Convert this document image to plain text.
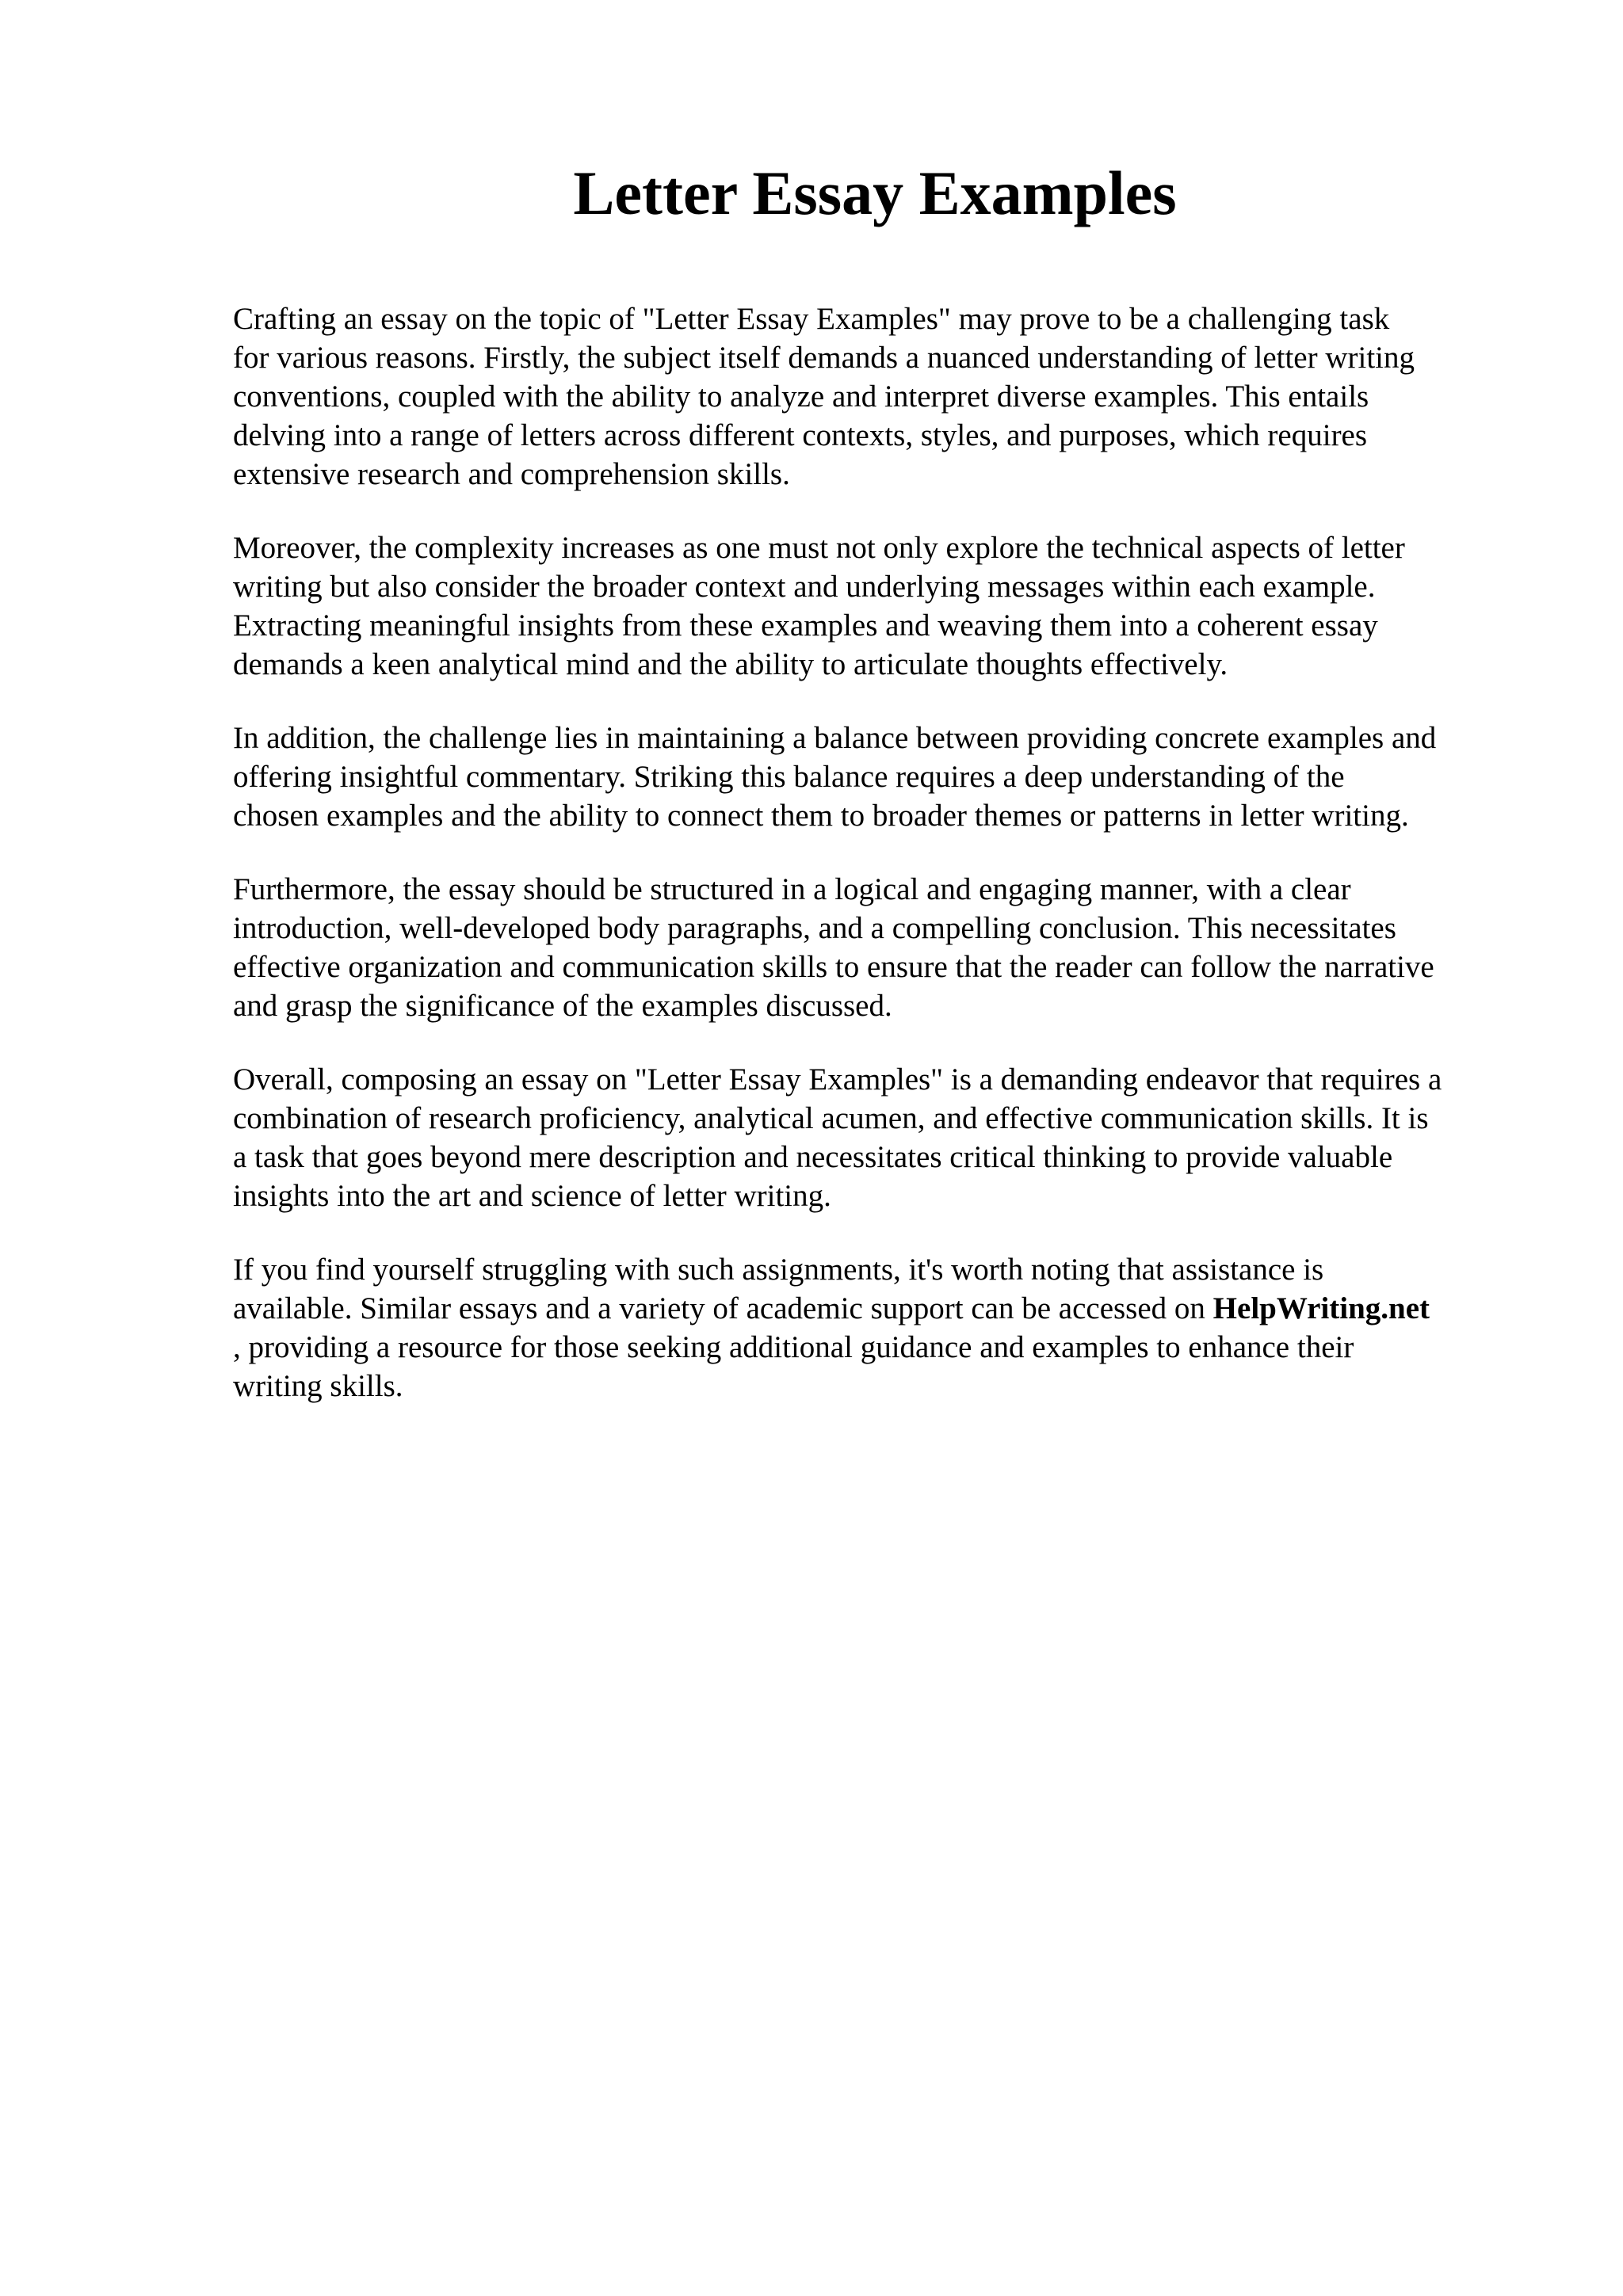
Letter Essay Examples

Crafting an essay on the topic of "Letter Essay Examples" may prove to be a challenging task
for various reasons. Firstly, the subject itself demands a nuanced understanding of letter writing
conventions, coupled with the ability to analyze and interpret diverse examples. This entails
delving into a range of letters across different contexts, styles, and purposes, which requires
extensive research and comprehension skills.

Moreover, the complexity increases as one must not only explore the technical aspects of letter
writing but also consider the broader context and underlying messages within each example.
Extracting meaningful insights from these examples and weaving them into a coherent essay
demands a keen analytical mind and the ability to articulate thoughts effectively.

In addition, the challenge lies in maintaining a balance between providing concrete examples and
offering insightful commentary. Striking this balance requires a deep understanding of the
chosen examples and the ability to connect them to broader themes or patterns in letter writing.

Furthermore, the essay should be structured in a logical and engaging manner, with a clear
introduction, well-developed body paragraphs, and a compelling conclusion. This necessitates
effective organization and communication skills to ensure that the reader can follow the narrative
and grasp the significance of the examples discussed.

Overall, composing an essay on "Letter Essay Examples" is a demanding endeavor that requires a
combination of research proficiency, analytical acumen, and effective communication skills. It is
a task that goes beyond mere description and necessitates critical thinking to provide valuable
insights into the art and science of letter writing.

If you find yourself struggling with such assignments, it's worth noting that assistance is
available. Similar essays and a variety of academic support can be accessed on HelpWriting.net
, providing a resource for those seeking additional guidance and examples to enhance their
writing skills.
